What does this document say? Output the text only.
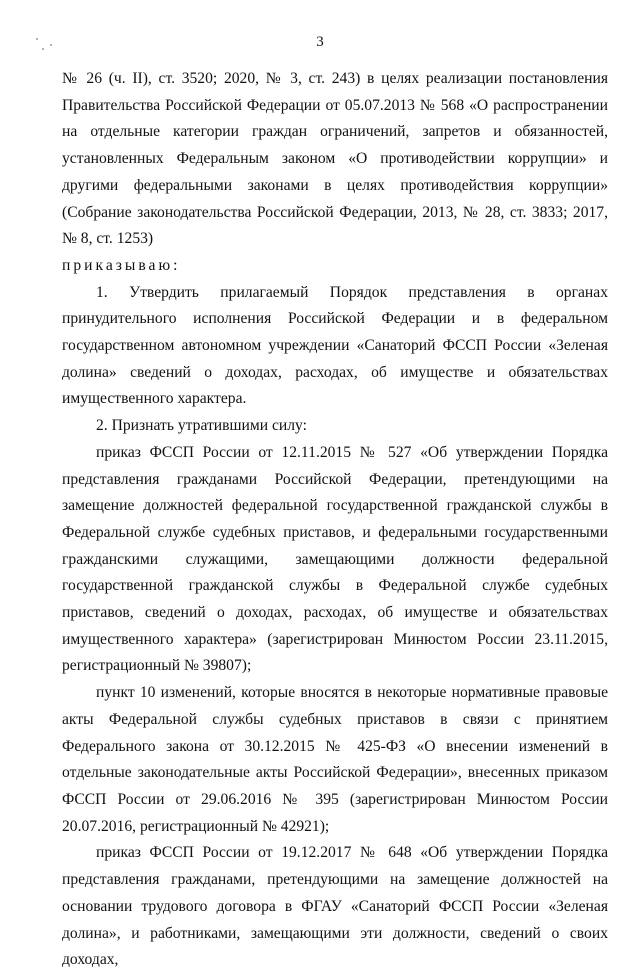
3

№ 26 (ч. II), ст. 3520; 2020, № 3, ст. 243) в целях реализации постановления Правительства Российской Федерации от 05.07.2013 № 568 «О распространении на отдельные категории граждан ограничений, запретов и обязанностей, установленных Федеральным законом «О противодействии коррупции» и другими федеральными законами в целях противодействия коррупции» (Собрание законодательства Российской Федерации, 2013, № 28, ст. 3833; 2017, № 8, ст. 1253)

приказываю:

1. Утвердить прилагаемый Порядок представления в органах принудительного исполнения Российской Федерации и в федеральном государственном автономном учреждении «Санаторий ФССП России «Зеленая долина» сведений о доходах, расходах, об имуществе и обязательствах имущественного характера.

2. Признать утратившими силу:

приказ ФССП России от 12.11.2015 № 527 «Об утверждении Порядка представления гражданами Российской Федерации, претендующими на замещение должностей федеральной государственной гражданской службы в Федеральной службе судебных приставов, и федеральными государственными гражданскими служащими, замещающими должности федеральной государственной гражданской службы в Федеральной службе судебных приставов, сведений о доходах, расходах, об имуществе и обязательствах имущественного характера» (зарегистрирован Минюстом России 23.11.2015, регистрационный № 39807);

пункт 10 изменений, которые вносятся в некоторые нормативные правовые акты Федеральной службы судебных приставов в связи с принятием Федерального закона от 30.12.2015 № 425-ФЗ «О внесении изменений в отдельные законодательные акты Российской Федерации», внесенных приказом ФССП России от 29.06.2016 № 395 (зарегистрирован Минюстом России 20.07.2016, регистрационный № 42921);

приказ ФССП России от 19.12.2017 № 648 «Об утверждении Порядка представления гражданами, претендующими на замещение должностей на основании трудового договора в ФГАУ «Санаторий ФССП России «Зеленая долина», и работниками, замещающими эти должности, сведений о своих доходах,
